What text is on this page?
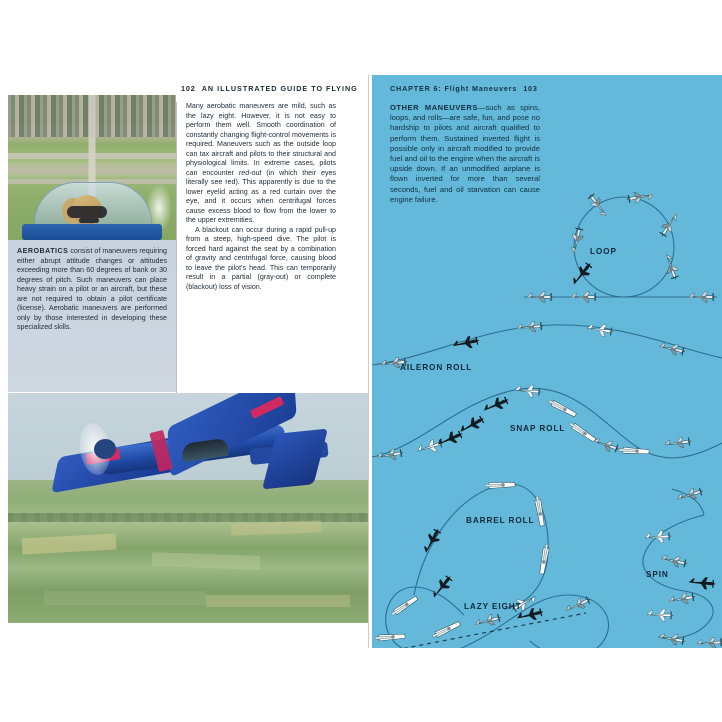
102 AN ILLUSTRATED GUIDE TO FLYING

AEROBATICS consist of maneuvers requiring either abrupt attitude changes or attitudes exceeding more than 60 degrees of bank or 30 degrees of pitch. Such maneuvers can place heavy strain on a pilot or an aircraft, but these are not required to obtain a pilot certificate (license). Aerobatic maneuvers are performed only by those interested in developing these specialized skills.

Many aerobatic maneuvers are mild, such as the lazy eight. However, it is not easy to perform them well. Smooth coordination of constantly changing flight-control movements is required. Maneuvers such as the outside loop can tax aircraft and pilots to their structural and physiological limits. In extreme cases, pilots can encounter red-out (in which their eyes literally see red). This apparently is due to the lower eyelid acting as a red curtain over the eye, and it occurs when centrifugal forces cause excess blood to flow from the lower to the upper extremities.

A blackout can occur during a rapid pull-up from a steep, high-speed dive. The pilot is forced hard against the seat by a combination of gravity and centrifugal force, causing blood to leave the pilot's head. This can temporarily result in a partial (gray-out) or complete (blackout) loss of vision.

CHAPTER 6: Flight Maneuvers 103
OTHER MANEUVERS—such as spins, loops, and rolls—are safe, fun, and pose no hardship to pilots and aircraft qualified to perform them. Sustained inverted flight is possible only in aircraft modified to provide fuel and oil to the engine when the aircraft is upside down. If an unmodified airplane is flown inverted for more than several seconds, fuel and oil starvation can cause engine failure.
LOOP
AILERON ROLL
SNAP ROLL
BARREL ROLL
SPIN
LAZY EIGHT
